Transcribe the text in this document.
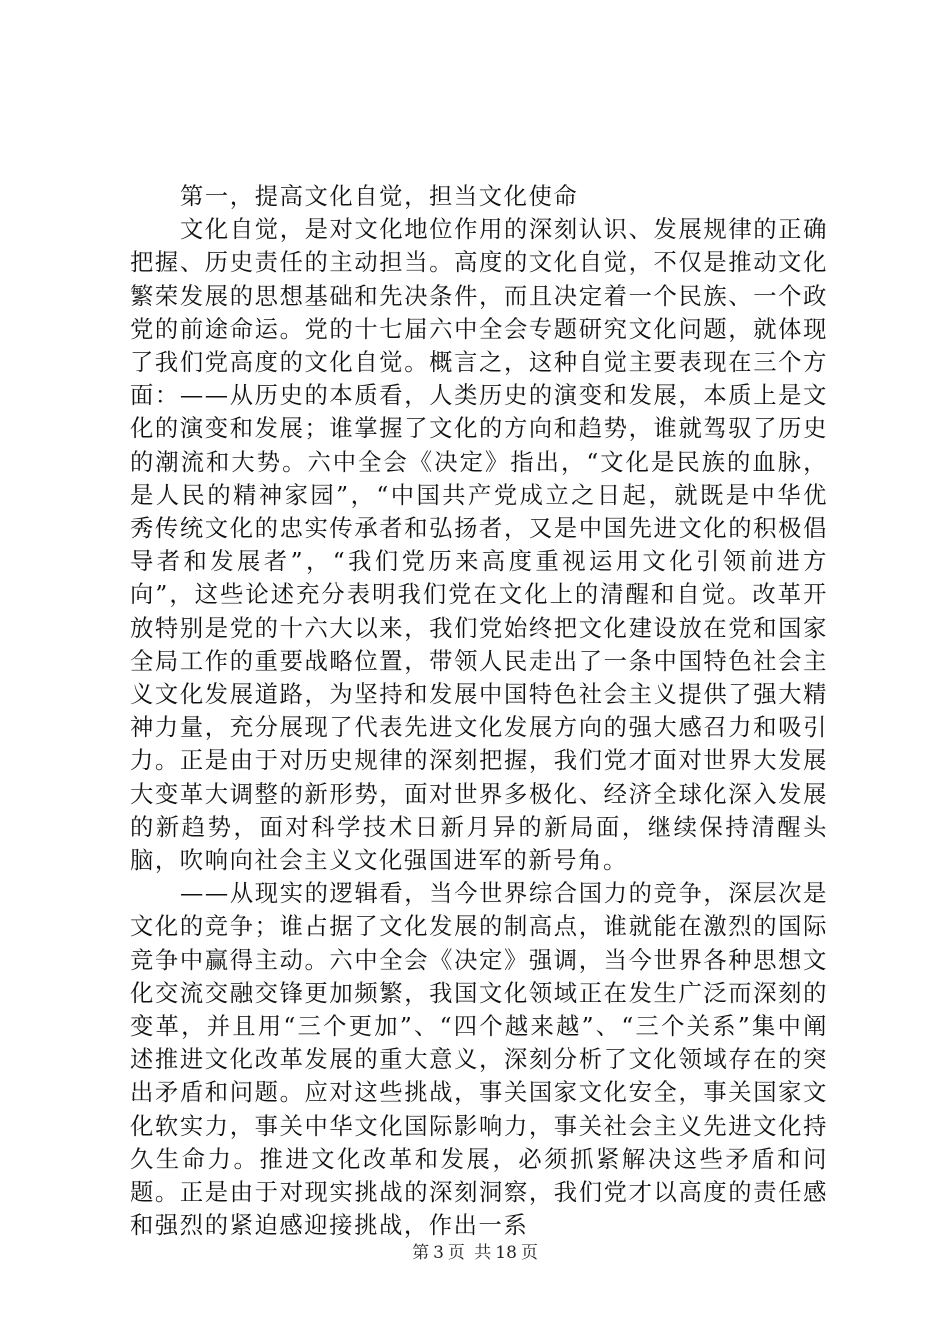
第一，提高文化自觉，担当文化使命

文化自觉，是对文化地位作用的深刻认识、发展规律的正确把握、历史责任的主动担当。高度的文化自觉，不仅是推动文化繁荣发展的思想基础和先决条件，而且决定着一个民族、一个政党的前途命运。党的十七届六中全会专题研究文化问题，就体现了我们党高度的文化自觉。概言之，这种自觉主要表现在三个方面：——从历史的本质看，人类历史的演变和发展，本质上是文化的演变和发展；谁掌握了文化的方向和趋势，谁就驾驭了历史的潮流和大势。六中全会《决定》指出，“文化是民族的血脉，是人民的精神家园”，“中国共产党成立之日起，就既是中华优秀传统文化的忠实传承者和弘扬者，又是中国先进文化的积极倡导者和发展者”，“我们党历来高度重视运用文化引领前进方向”，这些论述充分表明我们党在文化上的清醒和自觉。改革开放特别是党的十六大以来，我们党始终把文化建设放在党和国家全局工作的重要战略位置，带领人民走出了一条中国特色社会主义文化发展道路，为坚持和发展中国特色社会主义提供了强大精神力量，充分展现了代表先进文化发展方向的强大感召力和吸引力。正是由于对历史规律的深刻把握，我们党才面对世界大发展大变革大调整的新形势，面对世界多极化、经济全球化深入发展的新趋势，面对科学技术日新月异的新局面，继续保持清醒头脑，吹响向社会主义文化强国进军的新号角。

——从现实的逻辑看，当今世界综合国力的竞争，深层次是文化的竞争；谁占据了文化发展的制高点，谁就能在激烈的国际竞争中赢得主动。六中全会《决定》强调，当今世界各种思想文化交流交融交锋更加频繁，我国文化领域正在发生广泛而深刻的变革，并且用“三个更加”、“四个越来越”、“三个关系”集中阐述推进文化改革发展的重大意义，深刻分析了文化领域存在的突出矛盾和问题。应对这些挑战，事关国家文化安全，事关国家文化软实力，事关中华文化国际影响力，事关社会主义先进文化持久生命力。推进文化改革和发展，必须抓紧解决这些矛盾和问题。正是由于对现实挑战的深刻洞察，我们党才以高度的责任感和强烈的紧迫感迎接挑战，作出一系

第 3 页 共 18 页
